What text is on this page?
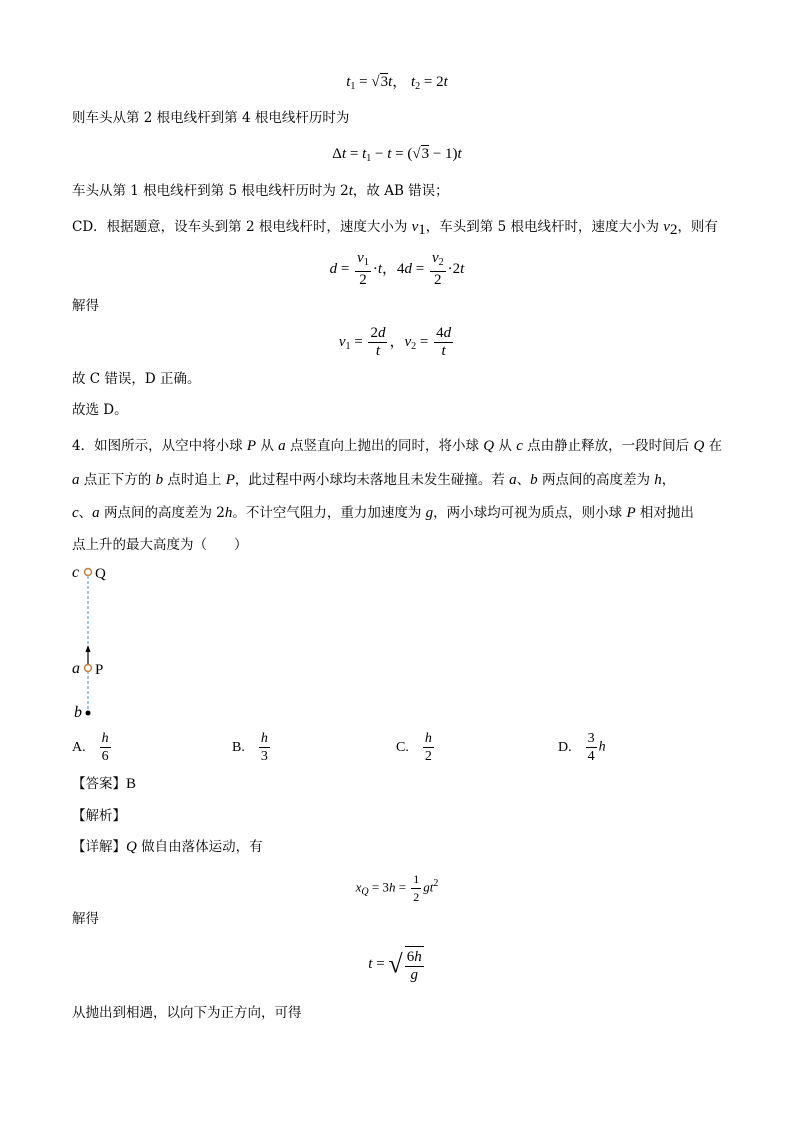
$t_1 = √3t$， $t_2 = 2t$
则车头从第 2 根电线杆到第 4 根电线杆历时为
$\Delta t = t_1 - t = (√3 - 1)t$
车头从第 1 根电线杆到第 5 根电线杆历时为 2t，故 AB 错误；
CD．根据题意，设车头到第 2 根电线杆时，速度大小为 $v_1$，车头到第 5 根电线杆时，速度大小为 $v_2$，则有
$d = \frac{v_1}{2} \cdot t$，$4d = \frac{v_2}{2} \cdot 2t$
解得
$v_1 = \frac{2d}{t}$ ，$v_2 = \frac{4d}{t}$
故 C 错误，D 正确。
故选 D。
4．如图所示，从空中将小球 P 从 a 点竖直向上抛出的同时，将小球 Q 从 c 点由静止释放，一段时间后 Q 在
a 点正下方的 b 点时追上 P，此过程中两小球均未落地且未发生碰撞。若 a、b 两点间的高度差为 h，
c、a 两点间的高度差为 2h。不计空气阻力，重力加速度为 g，两小球均可视为质点，则小球 P 相对抛出
点上升的最大高度为（　　）
c Q
a P
b
A. $\frac{h}{6}$	B. $\frac{h}{3}$	C. $\frac{h}{2}$	D. $\frac{3}{4}$ h
【答案】B
【解析】
【详解】Q 做自由落体运动，有
$x_Q = 3h = \frac{1}{2} gt^2$
解得
t = √ $\frac{6h}{g}$
从抛出到相遇，以向下为正方向，可得
